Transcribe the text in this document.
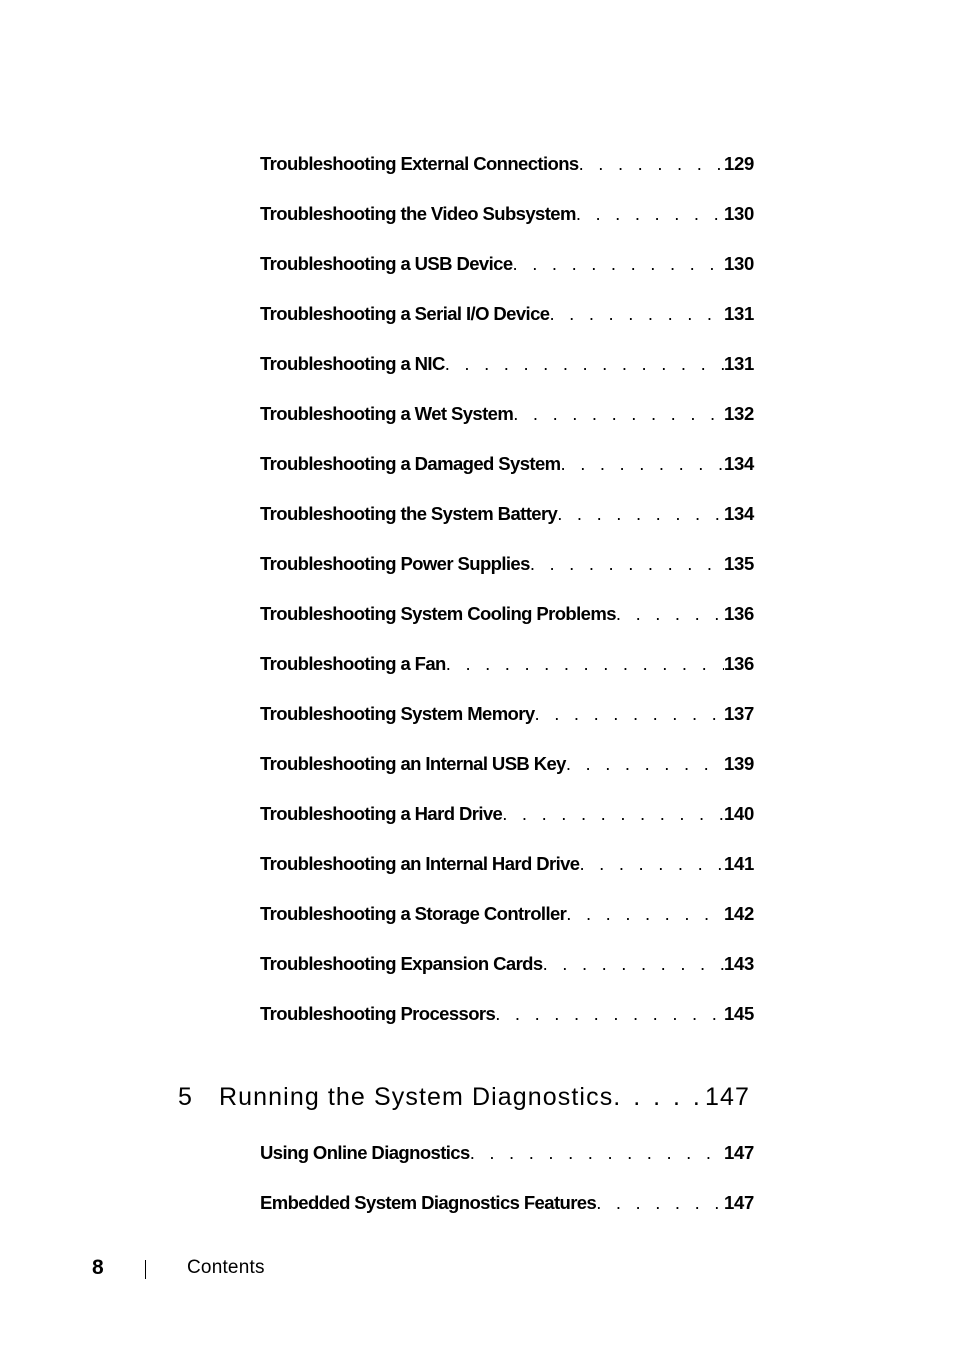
Troubleshooting External Connections . . .	129
Troubleshooting the Video Subsystem . . .	130
Troubleshooting a USB Device . . .	130
Troubleshooting a Serial I/O Device . . .	131
Troubleshooting a NIC . . .	131
Troubleshooting a Wet System . . .	132
Troubleshooting a Damaged System . . .	134
Troubleshooting the System Battery . . .	134
Troubleshooting Power Supplies . . .	135
Troubleshooting System Cooling Problems . . .	136
Troubleshooting a Fan . . .	136
Troubleshooting System Memory . . .	137
Troubleshooting an Internal USB Key . . .	139
Troubleshooting a Hard Drive . . .	140
Troubleshooting an Internal Hard Drive . . .	141
Troubleshooting a Storage Controller . . .	142
Troubleshooting Expansion Cards . . .	143
Troubleshooting Processors . . .	145
5	Running the System Diagnostics . . .	147
Using Online Diagnostics . . .	147
Embedded System Diagnostics Features . . .	147
8	Contents
